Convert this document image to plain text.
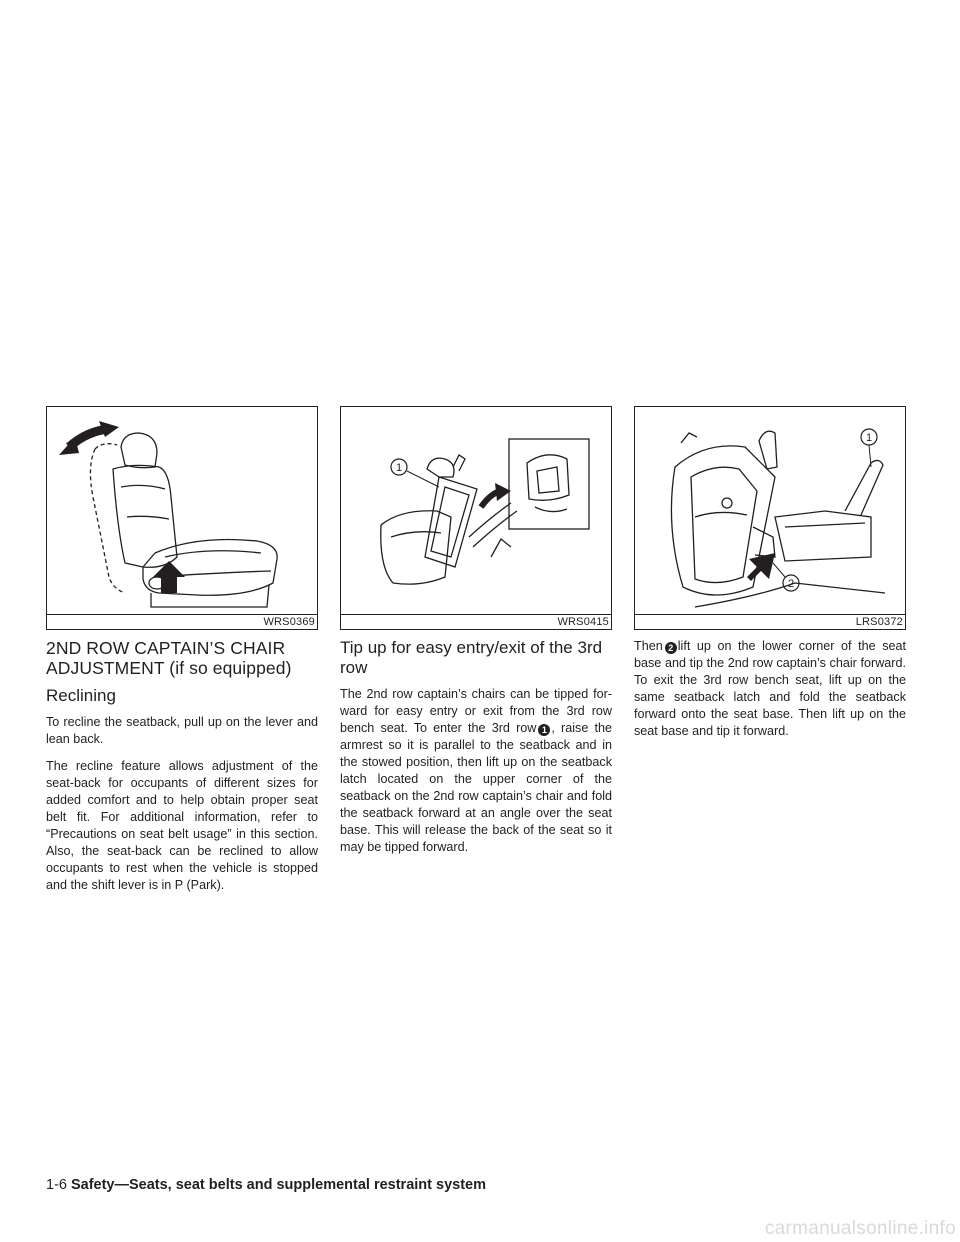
WRS0369
2ND ROW CAPTAIN’S CHAIR ADJUSTMENT (if so equipped)
Reclining

To recline the seatback, pull up on the lever and lean back.

The recline feature allows adjustment of the seat-back for occupants of different sizes for added comfort and to help obtain proper seat belt fit. For additional information, refer to “Precautions on seat belt usage” in this section. Also, the seat-back can be reclined to allow occupants to rest when the vehicle is stopped and the shift lever is in P (Park).

1
WRS0415
Tip up for easy entry/exit of the 3rd row

The 2nd row captain’s chairs can be tipped for-ward for easy entry or exit from the 3rd row bench seat. To enter the 3rd row 1 , raise the armrest so it is parallel to the seatback and in the stowed position, then lift up on the seatback latch located on the upper corner of the seatback on the 2nd row captain’s chair and fold the seatback forward at an angle over the seat base. This will release the back of the seat so it may be tipped forward.

1
2
LRS0372

Then 2 lift up on the lower corner of the seat base and tip the 2nd row captain’s chair forward. To exit the 3rd row bench seat, lift up on the same seatback latch and fold the seatback forward onto the seat base. Then lift up on the seat base and tip it forward.

1-6 Safety—Seats, seat belts and supplemental restraint system
carmanualsonline.info
